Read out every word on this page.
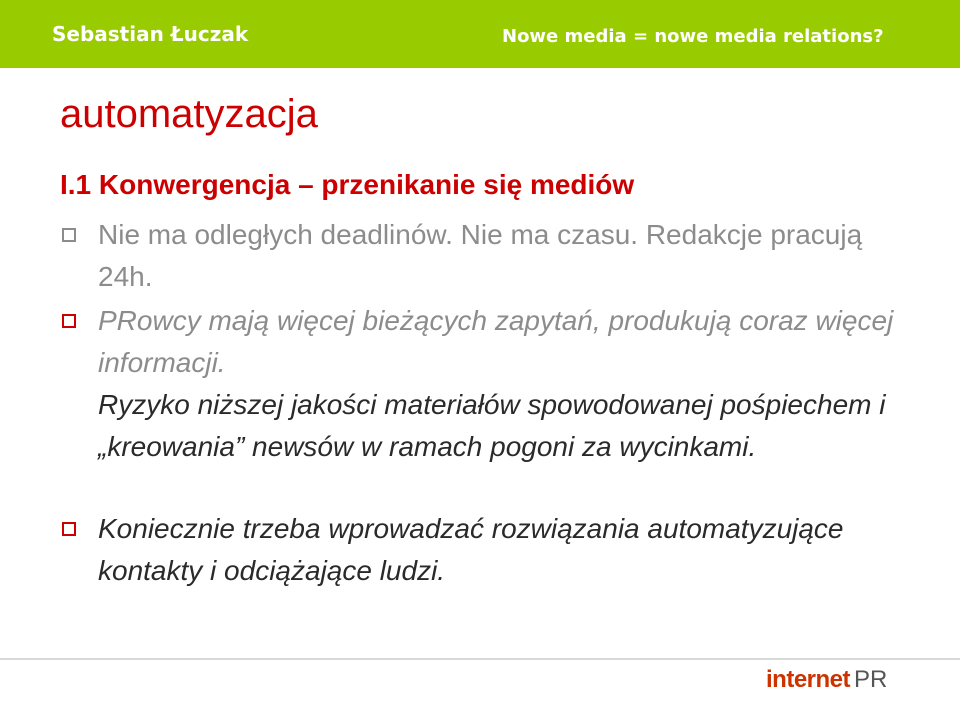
Sebastian Łuczak	Nowe media = nowe media relations?
automatyzacja
I.1 Konwergencja – przenikanie się mediów
Nie ma odległych deadlinów. Nie ma czasu. Redakcje pracują 24h.
PRowcy mają więcej bieżących zapytań, produkują coraz więcej informacji.
Ryzyko niższej jakości materiałów spowodowanej pośpiechem i „kreowania” newsów w ramach pogoni za wycinkami.
Koniecznie trzeba wprowadzać rozwiązania automatyzujące kontakty i odciążające ludzi.
internet PR
